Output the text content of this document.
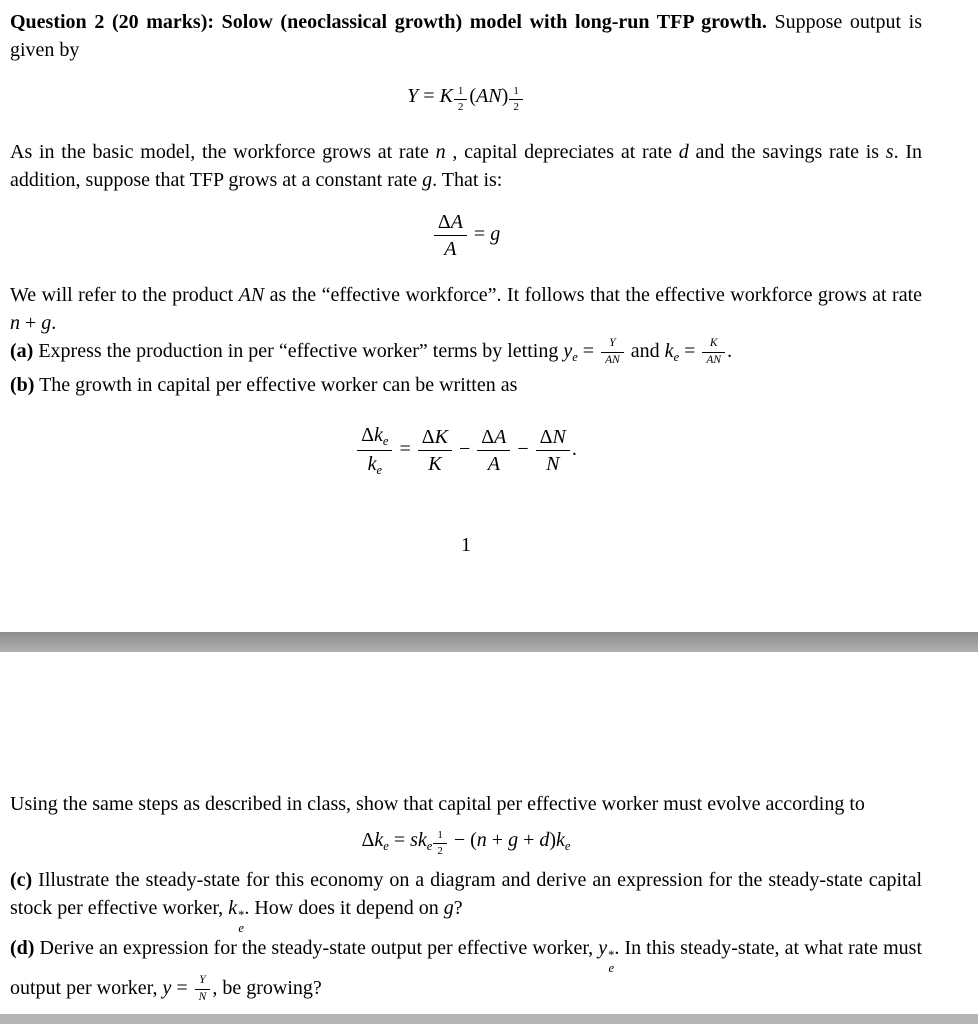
Question 2 (20 marks): Solow (neoclassical growth) model with long-run TFP growth. Suppose output is given by

Y = K $\frac{1}{2} (AN) \frac{1}{2}$

As in the basic model, the workforce grows at rate n , capital depreciates at rate d and the savings rate is s. In addition, suppose that TFP grows at a constant rate g. That is:

$\frac{\Delta A}{A} = g$

We will refer to the product AN as the “effective workforce”. It follows that the effective workforce grows at rate n + g.

(a) Express the production in per “effective worker” terms by letting $y_e = \frac{Y}{AN}$ and $k_e = \frac{K}{AN}$ .

(b) The growth in capital per effective worker can be written as

$\frac{\Delta k_e}{k_e} = \frac{\Delta K}{K} - \frac{\Delta A}{A} - \frac{\Delta N}{N}$ .
1

Using the same steps as described in class, show that capital per effective worker must evolve according to

$\Delta k_e = sk_e \frac{1}{2} - (n + g + d)k_e$

(c) Illustrate the steady-state for this economy on a diagram and derive an expression for the steady-state capital stock per effective worker, k *
e
. How does it depend on g?

(d) Derive an expression for the steady-state output per effective worker, y *
e
. In this steady-state, at what rate must output per worker, $y = \frac{Y}{N}$ , be growing?
